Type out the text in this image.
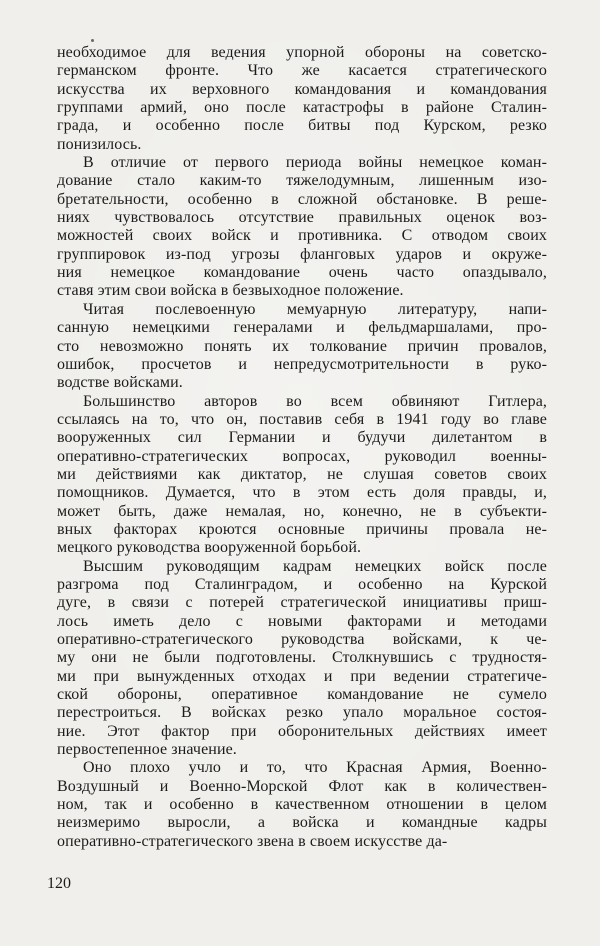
необходимое для ведения упорной обороны на советско-
германском фронте. Что же касается стратегического
искусства их верховного командования и командования
группами армий, оно после катастрофы в районе Сталин-
града, и особенно после битвы под Курском, резко
понизилось.
В отличие от первого периода войны немецкое коман-
дование стало каким-то тяжелодумным, лишенным изо-
бретательности, особенно в сложной обстановке. В реше-
ниях чувствовалось отсутствие правильных оценок воз-
можностей своих войск и противника. С отводом своих
группировок из-под угрозы фланговых ударов и окруже-
ния немецкое командование очень часто опаздывало,
ставя этим свои войска в безвыходное положение.
Читая послевоенную мемуарную литературу, напи-
санную немецкими генералами и фельдмаршалами, про-
сто невозможно понять их толкование причин провалов,
ошибок, просчетов и непредусмотрительности в руко-
водстве войсками.
Большинство авторов во всем обвиняют Гитлера,
ссылаясь на то, что он, поставив себя в 1941 году во главе
вооруженных сил Германии и будучи дилетантом в
оперативно-стратегических вопросах, руководил военны-
ми действиями как диктатор, не слушая советов своих
помощников. Думается, что в этом есть доля правды, и,
может быть, даже немалая, но, конечно, не в субъекти-
вных факторах кроются основные причины провала не-
мецкого руководства вооруженной борьбой.
Высшим руководящим кадрам немецких войск после
разгрома под Сталинградом, и особенно на Курской
дуге, в связи с потерей стратегической инициативы приш-
лось иметь дело с новыми факторами и методами
оперативно-стратегического руководства войсками, к че-
му они не были подготовлены. Столкнувшись с трудностя-
ми при вынужденных отходах и при ведении стратегиче-
ской обороны, оперативное командование не сумело
перестроиться. В войсках резко упало моральное состоя-
ние. Этот фактор при оборонительных действиях имеет
первостепенное значение.
Оно плохо учло и то, что Красная Армия, Военно-
Воздушный и Военно-Морской Флот как в количествен-
ном, так и особенно в качественном отношении в целом
неизмеримо выросли, а войска и командные кадры
оперативно-стратегического звена в своем искусстве да-
120
